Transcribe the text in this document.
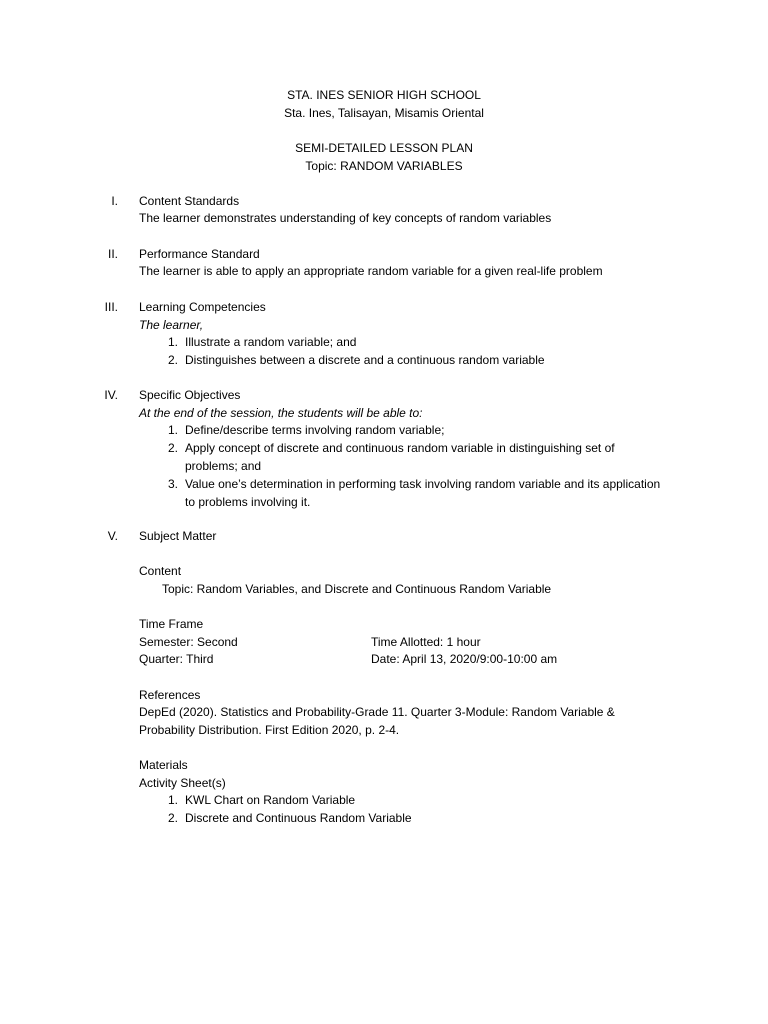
STA. INES SENIOR HIGH SCHOOL
Sta. Ines, Talisayan, Misamis Oriental
SEMI-DETAILED LESSON PLAN
Topic: RANDOM VARIABLES
I. Content Standards
The learner demonstrates understanding of key concepts of random variables
II. Performance Standard
The learner is able to apply an appropriate random variable for a given real-life problem
III. Learning Competencies
The learner,
1. Illustrate a random variable; and
2. Distinguishes between a discrete and a continuous random variable
IV. Specific Objectives
At the end of the session, the students will be able to:
1. Define/describe terms involving random variable;
2. Apply concept of discrete and continuous random variable in distinguishing set of problems; and
3. Value one’s determination in performing task involving random variable and its application to problems involving it.
V. Subject Matter
Content
Topic: Random Variables, and Discrete and Continuous Random Variable
Time Frame
Semester: Second	Time Allotted: 1 hour
Quarter: Third	Date: April 13, 2020/9:00-10:00 am
References
DepEd (2020). Statistics and Probability-Grade 11. Quarter 3-Module: Random Variable & Probability Distribution. First Edition 2020, p. 2-4.
Materials
Activity Sheet(s)
1. KWL Chart on Random Variable
2. Discrete and Continuous Random Variable
